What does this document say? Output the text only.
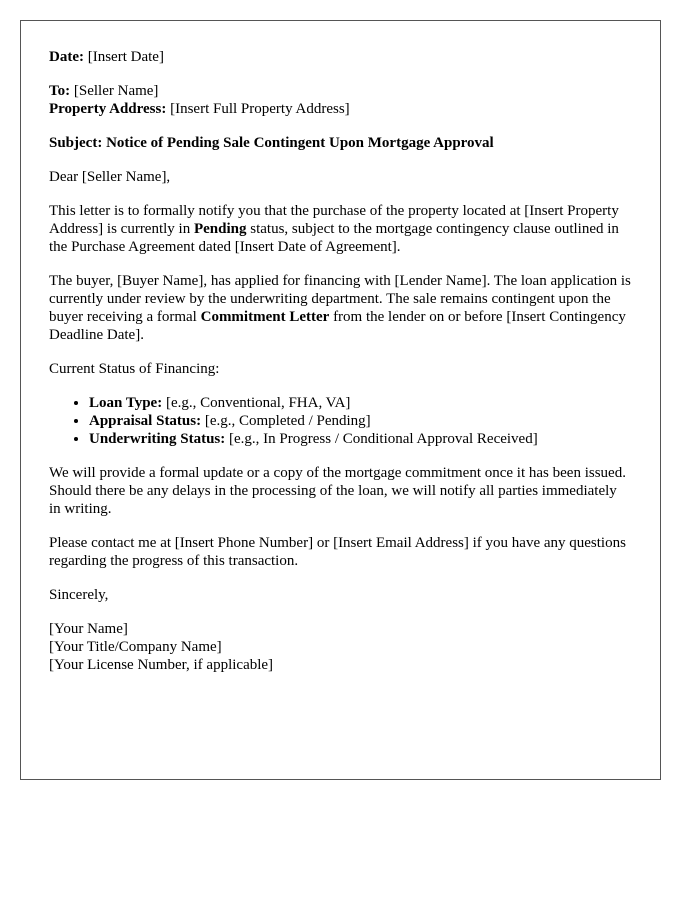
Date: [Insert Date]

To: [Seller Name]

Property Address: [Insert Full Property Address]

Subject: Notice of Pending Sale Contingent Upon Mortgage Approval

Dear [Seller Name],

This letter is to formally notify you that the purchase of the property located at [Insert Property Address] is currently in Pending status, subject to the mortgage contingency clause outlined in the Purchase Agreement dated [Insert Date of Agreement].

The buyer, [Buyer Name], has applied for financing with [Lender Name]. The loan application is currently under review by the underwriting department. The sale remains contingent upon the buyer receiving a formal Commitment Letter from the lender on or before [Insert Contingency Deadline Date].

Current Status of Financing:

• Loan Type: [e.g., Conventional, FHA, VA]
• Appraisal Status: [e.g., Completed / Pending]
• Underwriting Status: [e.g., In Progress / Conditional Approval Received]

We will provide a formal update or a copy of the mortgage commitment once it has been issued. Should there be any delays in the processing of the loan, we will notify all parties immediately in writing.

Please contact me at [Insert Phone Number] or [Insert Email Address] if you have any questions regarding the progress of this transaction.

Sincerely,

[Your Name]

[Your Title/Company Name]

[Your License Number, if applicable]
